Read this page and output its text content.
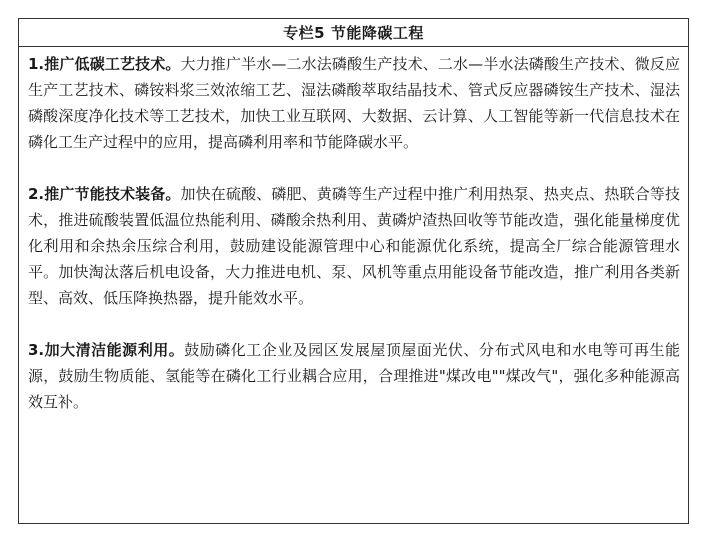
专栏5 节能降碳工程

1.推广低碳工艺技术。大力推广半水—二水法磷酸生产技术、二水—半水法磷酸生产技术、微反应生产工艺技术、磷铵料浆三效浓缩工艺、湿法磷酸萃取结晶技术、管式反应器磷铵生产技术、湿法磷酸深度净化技术等工艺技术，加快工业互联网、大数据、云计算、人工智能等新一代信息技术在磷化工生产过程中的应用，提高磷利用率和节能降碳水平。

2.推广节能技术装备。加快在硫酸、磷肥、黄磷等生产过程中推广利用热泵、热夹点、热联合等技术，推进硫酸装置低温位热能利用、磷酸余热利用、黄磷炉渣热回收等节能改造，强化能量梯度优化利用和余热余压综合利用，鼓励建设能源管理中心和能源优化系统，提高全厂综合能源管理水平。加快淘汰落后机电设备，大力推进电机、泵、风机等重点用能设备节能改造，推广利用各类新型、高效、低压降换热器，提升能效水平。

3.加大清洁能源利用。鼓励磷化工企业及园区发展屋顶屋面光伏、分布式风电和水电等可再生能源，鼓励生物质能、氢能等在磷化工行业耦合应用，合理推进"煤改电""煤改气"，强化多种能源高效互补。
